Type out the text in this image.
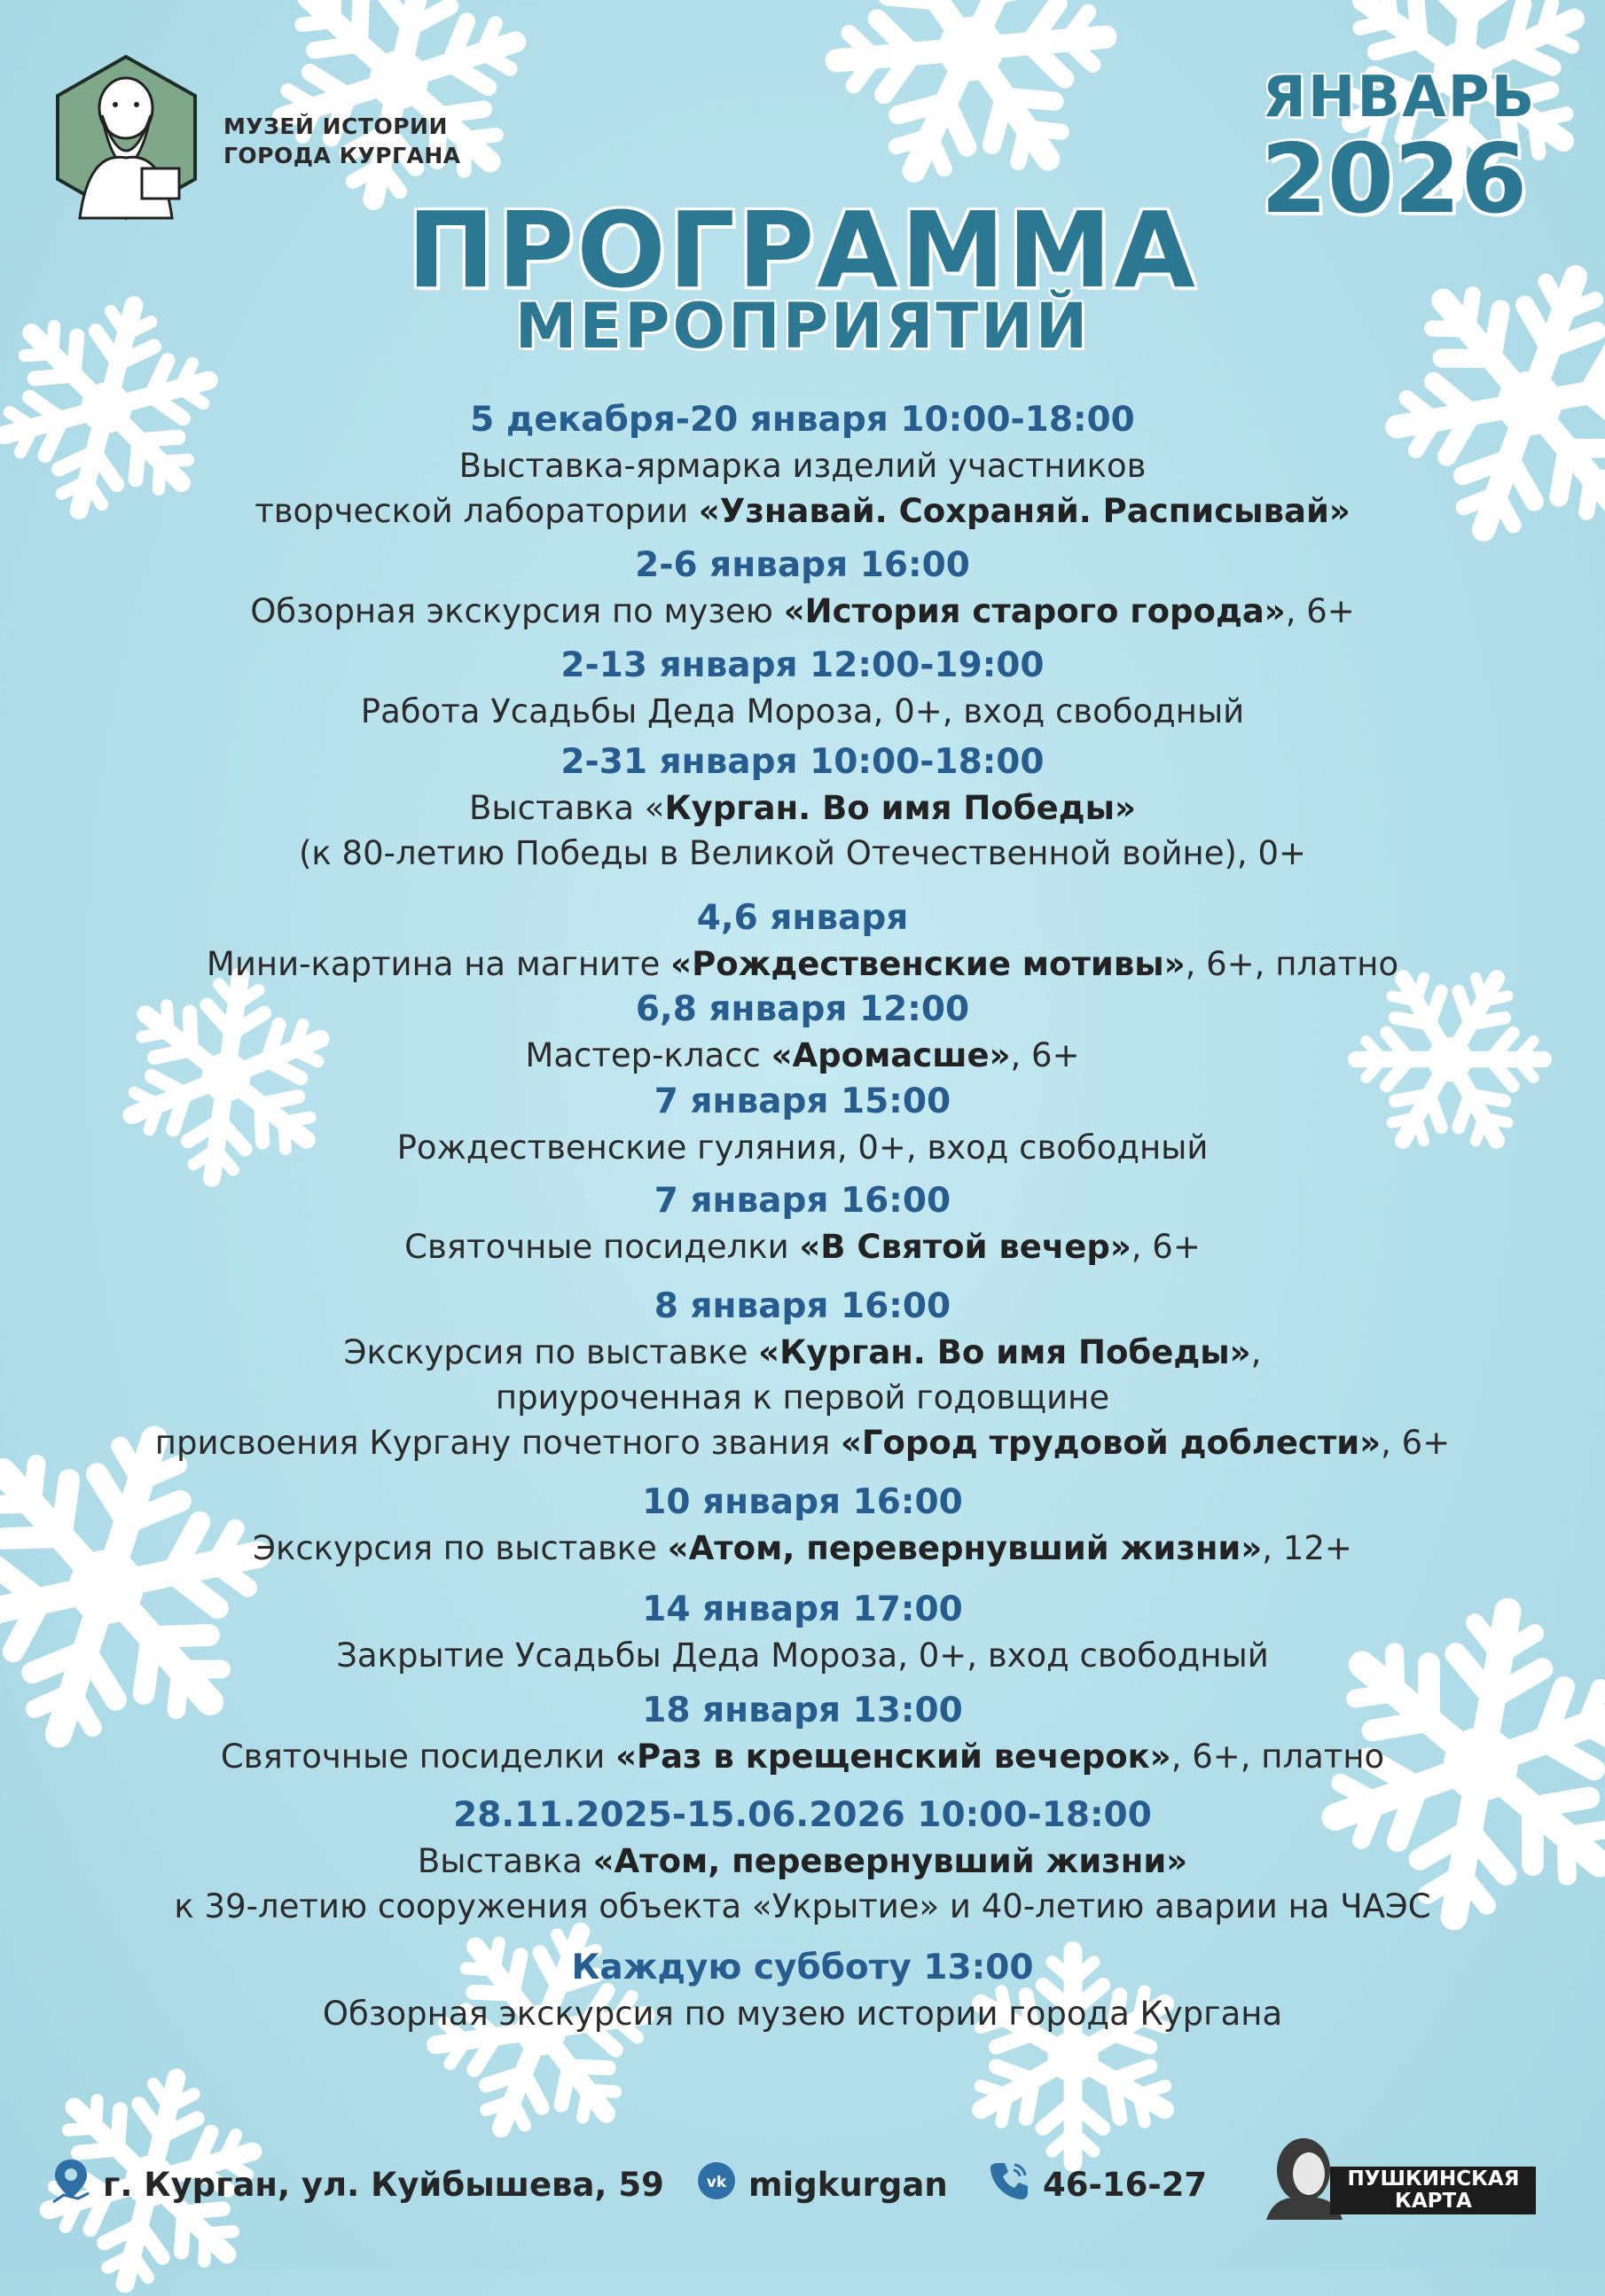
МУЗЕЙ ИСТОРИИ
ГОРОДА КУРГАНА
ЯНВАРЬ
2026
ПРОГРАММА
МЕРОПРИЯТИЙ
5 декабря-20 января 10:00-18:00
Выставка-ярмарка изделий участников
творческой лаборатории «Узнавай. Сохраняй. Расписывай»
2-6 января 16:00
Обзорная экскурсия по музею «История старого города», 6+
2-13 января 12:00-19:00
Работа Усадьбы Деда Мороза, 0+, вход свободный
2-31 января 10:00-18:00
Выставка «Курган. Во имя Победы»
(к 80-летию Победы в Великой Отечественной войне), 0+
4,6 января
Мини-картина на магните «Рождественские мотивы», 6+, платно
6,8 января 12:00
Мастер-класс «Аромасше», 6+
7 января 15:00
Рождественские гуляния, 0+, вход свободный
7 января 16:00
Святочные посиделки «В Святой вечер», 6+
8 января 16:00
Экскурсия по выставке «Курган. Во имя Победы»,
приуроченная к первой годовщине
присвоения Кургану почетного звания «Город трудовой доблести», 6+
10 января 16:00
Экскурсия по выставке «Атом, перевернувший жизни», 12+
14 января 17:00
Закрытие Усадьбы Деда Мороза, 0+, вход свободный
18 января 13:00
Святочные посиделки «Раз в крещенский вечерок», 6+, платно
28.11.2025-15.06.2026 10:00-18:00
Выставка «Атом, перевернувший жизни»
к 39-летию сооружения объекта «Укрытие» и 40-летию аварии на ЧАЭС
Каждую субботу 13:00
Обзорная экскурсия по музею истории города Кургана
г. Курган, ул. Куйбышева, 59	vk migkurgan	46-16-27	ПУШКИНСКАЯ
КАРТА
